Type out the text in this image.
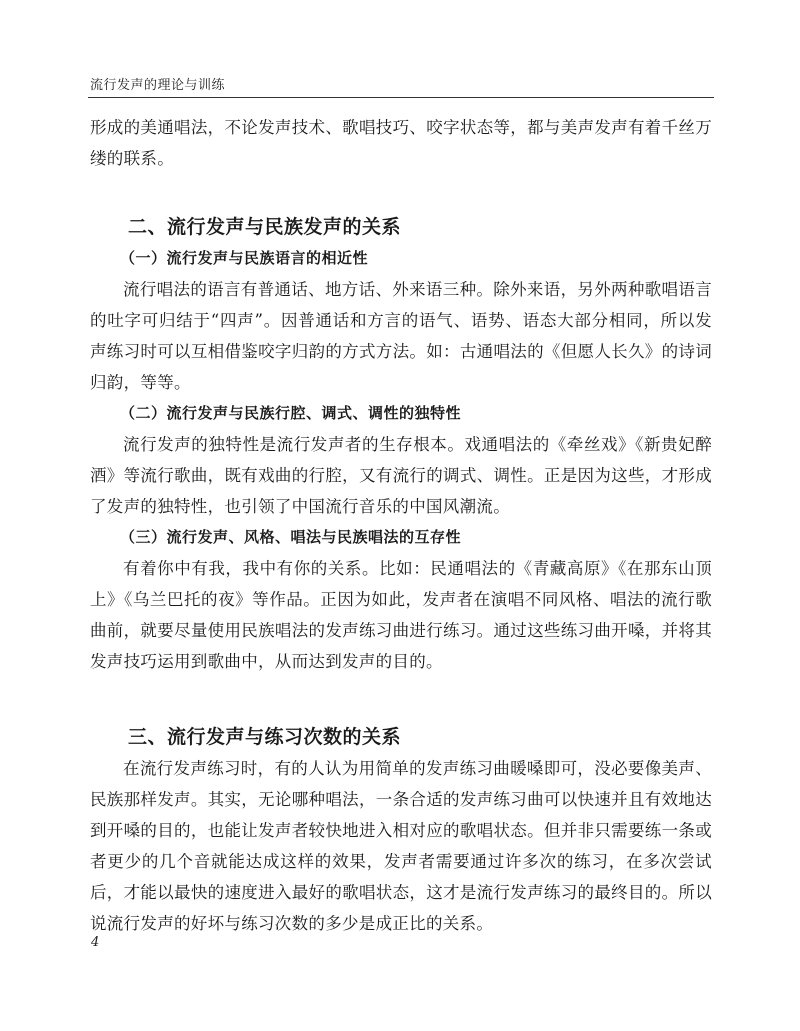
流行发声的理论与训练

形成的美通唱法，不论发声技术、歌唱技巧、咬字状态等，都与美声发声有着千丝万缕的联系。

二、流行发声与民族发声的关系
（一）流行发声与民族语言的相近性

流行唱法的语言有普通话、地方话、外来语三种。除外来语，另外两种歌唱语言的吐字可归结于“四声”。因普通话和方言的语气、语势、语态大部分相同，所以发声练习时可以互相借鉴咬字归韵的方式方法。如：古通唱法的《但愿人长久》的诗词归韵，等等。

（二）流行发声与民族行腔、调式、调性的独特性

流行发声的独特性是流行发声者的生存根本。戏通唱法的《牵丝戏》《新贵妃醉酒》等流行歌曲，既有戏曲的行腔，又有流行的调式、调性。正是因为这些，才形成了发声的独特性，也引领了中国流行音乐的中国风潮流。

（三）流行发声、风格、唱法与民族唱法的互存性

有着你中有我，我中有你的关系。比如：民通唱法的《青藏高原》《在那东山顶上》《乌兰巴托的夜》等作品。正因为如此，发声者在演唱不同风格、唱法的流行歌曲前，就要尽量使用民族唱法的发声练习曲进行练习。通过这些练习曲开嗓，并将其发声技巧运用到歌曲中，从而达到发声的目的。

三、流行发声与练习次数的关系

在流行发声练习时，有的人认为用简单的发声练习曲暖嗓即可，没必要像美声、民族那样发声。其实，无论哪种唱法，一条合适的发声练习曲可以快速并且有效地达到开嗓的目的，也能让发声者较快地进入相对应的歌唱状态。但并非只需要练一条或者更少的几个音就能达成这样的效果，发声者需要通过许多次的练习，在多次尝试后，才能以最快的速度进入最好的歌唱状态，这才是流行发声练习的最终目的。所以说流行发声的好坏与练习次数的多少是成正比的关系。

4
